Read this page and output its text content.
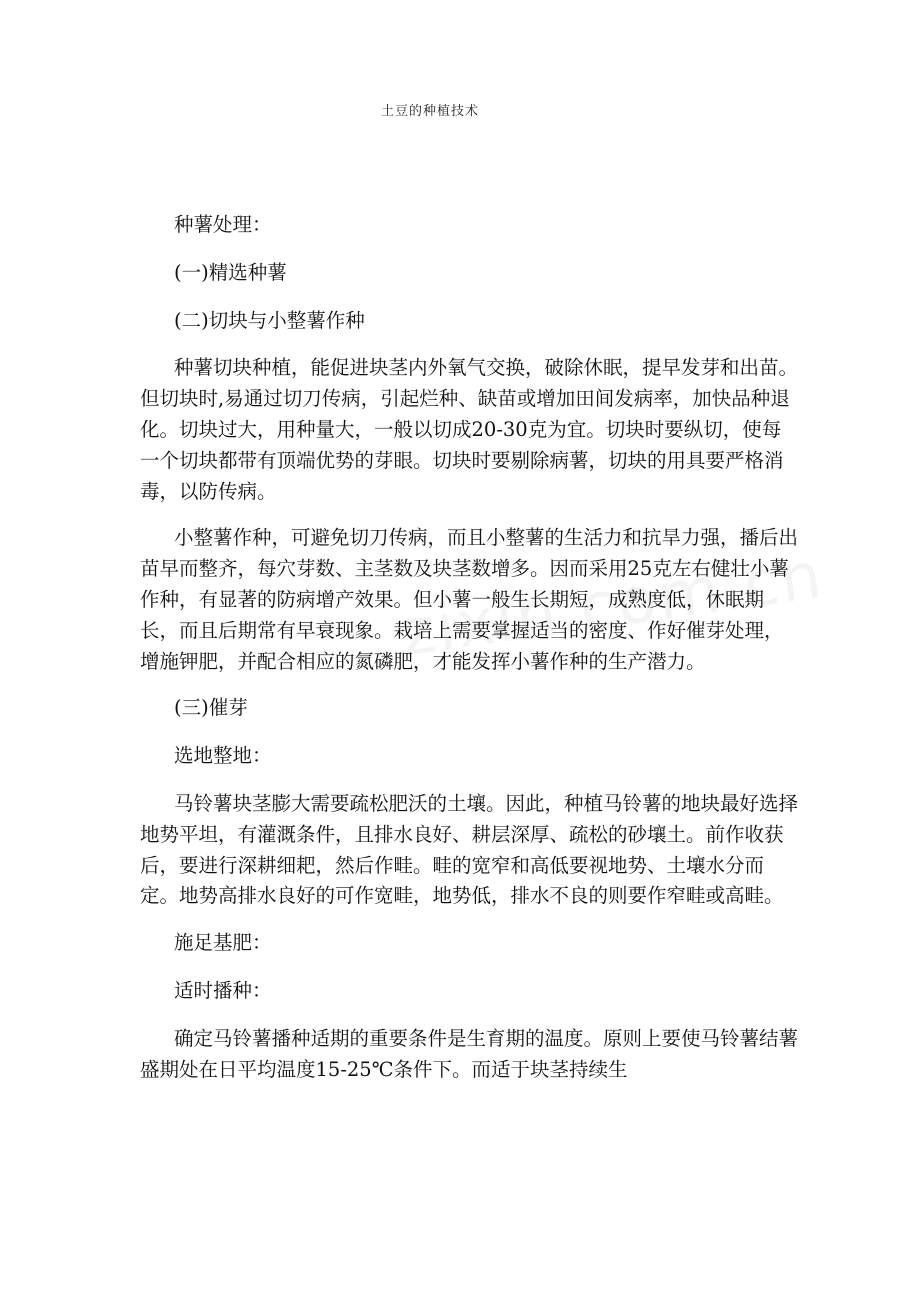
土豆的种植技术

种薯处理：

(一)精选种薯

(二)切块与小整薯作种

种薯切块种植，能促进块茎内外氧气交换，破除休眠，提早发芽和出苗。但切块时,易通过切刀传病，引起烂种、缺苗或增加田间发病率，加快品种退化。切块过大，用种量大，一般以切成20-30克为宜。切块时要纵切，使每一个切块都带有顶端优势的芽眼。切块时要剔除病薯，切块的用具要严格消毒，以防传病。

小整薯作种，可避免切刀传病，而且小整薯的生活力和抗旱力强，播后出苗早而整齐，每穴芽数、主茎数及块茎数增多。因而采用25克左右健壮小薯作种，有显著的防病增产效果。但小薯一般生长期短，成熟度低，休眠期长，而且后期常有早衰现象。栽培上需要掌握适当的密度、作好催芽处理，增施钾肥，并配合相应的氮磷肥，才能发挥小薯作种的生产潜力。

(三)催芽

选地整地：

马铃薯块茎膨大需要疏松肥沃的土壤。因此，种植马铃薯的地块最好选择地势平坦，有灌溉条件，且排水良好、耕层深厚、疏松的砂壤土。前作收获后，要进行深耕细耙，然后作畦。畦的宽窄和高低要视地势、土壤水分而定。地势高排水良好的可作宽畦，地势低，排水不良的则要作窄畦或高畦。

施足基肥：

适时播种：

确定马铃薯播种适期的重要条件是生育期的温度。原则上要使马铃薯结薯盛期处在日平均温度15-25℃条件下。而适于块茎持续生
